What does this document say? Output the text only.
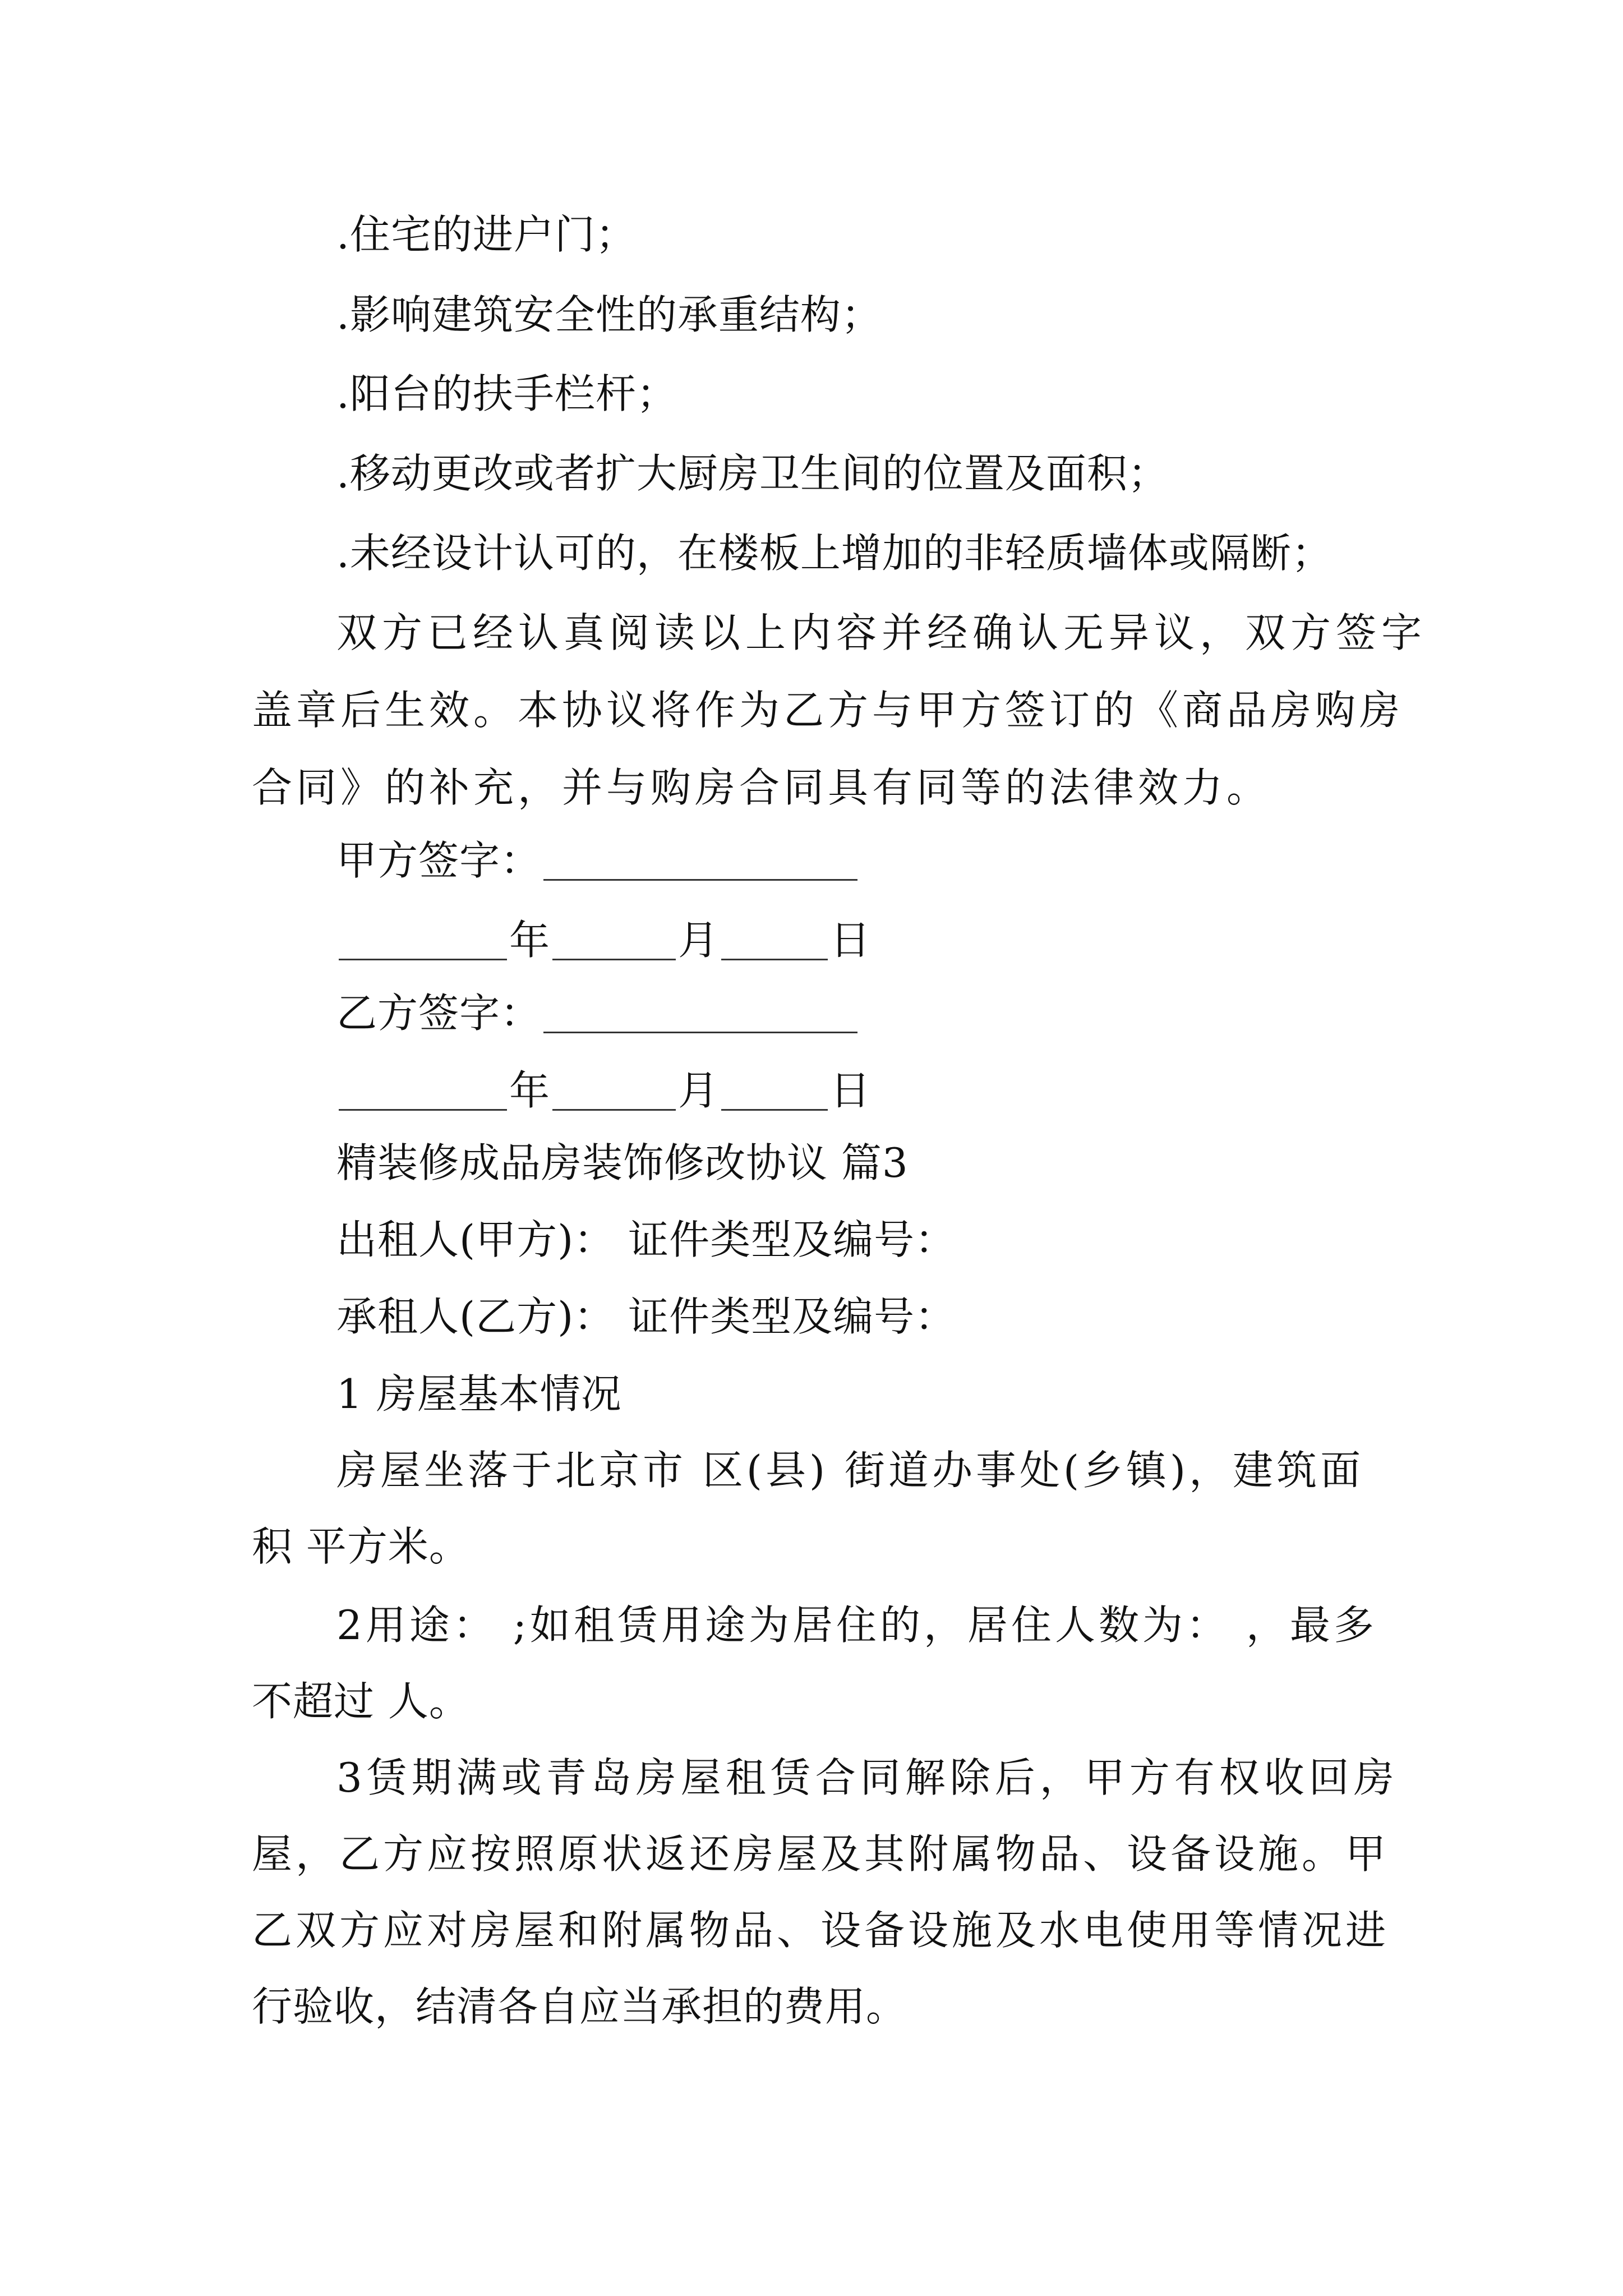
.住宅的进户门；
.影响建筑安全性的承重结构；
.阳台的扶手栏杆；
.移动更改或者扩大厨房卫生间的位置及面积；
.未经设计认可的，在楼板上增加的非轻质墙体或隔断；
双方已经认真阅读以上内容并经确认无异议，双方签字
盖章后生效。本协议将作为乙方与甲方签订的《商品房购房
合同》的补充，并与购房合同具有同等的法律效力。
甲方签字：
年	月	日
乙方签字：
年	月	日
精装修成品房装饰修改协议 篇3
出租人(甲方)： 证件类型及编号：
承租人(乙方)： 证件类型及编号：
1 房屋基本情况
房屋坐落于北京市 区(县) 街道办事处(乡镇)，建筑面
积 平方米。
2用途： ;如租赁用途为居住的，居住人数为： ，最多
不超过 人。
3赁期满或青岛房屋租赁合同解除后，甲方有权收回房
屋，乙方应按照原状返还房屋及其附属物品、设备设施。甲
乙双方应对房屋和附属物品、设备设施及水电使用等情况进
行验收，结清各自应当承担的费用。
